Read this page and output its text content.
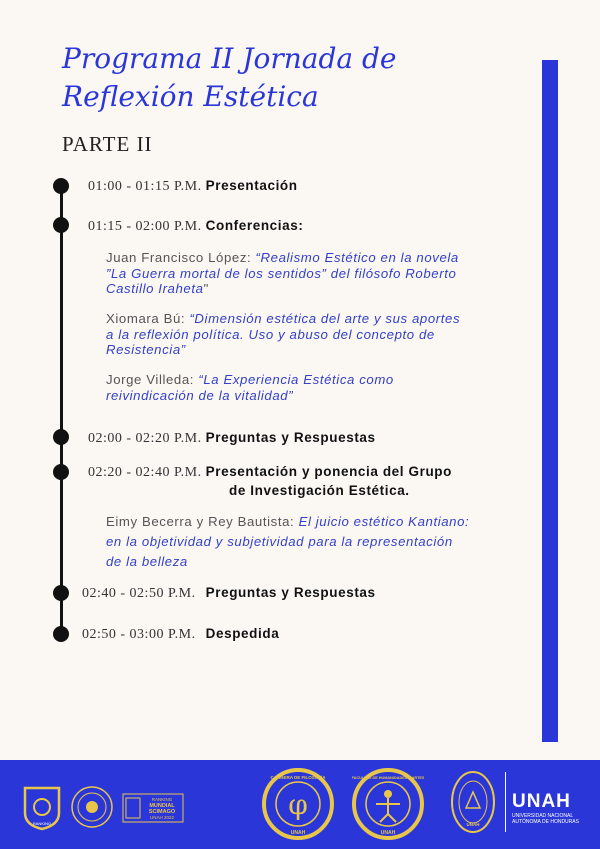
Programa II Jornada de
Reflexión Estética
PARTE II
01:00 - 01:15 P.M. Presentación
01:15 - 02:00 P.M. Conferencias:
Juan Francisco López: “Realismo Estético en la novela
”La Guerra mortal de los sentidos” del filósofo Roberto
Castillo Iraheta"
Xiomara Bú: “Dimensión estética del arte y sus aportes
a la reflexión política. Uso y abuso del concepto de
Resistencia”
Jorge Villeda: “La Experiencia Estética como
reivindicación de la vitalidad”
02:00 - 02:20 P.M. Preguntas y Respuestas
02:20 - 02:40 P.M. Presentación y ponencia del Grupo
de Investigación Estética.
Eimy Becerra y Rey Bautista: El juicio estético Kantiano:
en la objetividad y subjetividad para la representación
de la belleza
02:40 - 02:50 P.M. Preguntas y Respuestas
02:50 - 03:00 P.M. Despedida
RANKING
RANKING
MUNDIAL
SCIMAGO
UNAH 2022	φ
CARRERA DE FILOSOFÍA
UNAH
FACULTAD DE HUMANIDADES Y ARTES
UNAH
UNAH
UNAH
UNIVERSIDAD NACIONAL AUTÓNOMA DE HONDURAS
